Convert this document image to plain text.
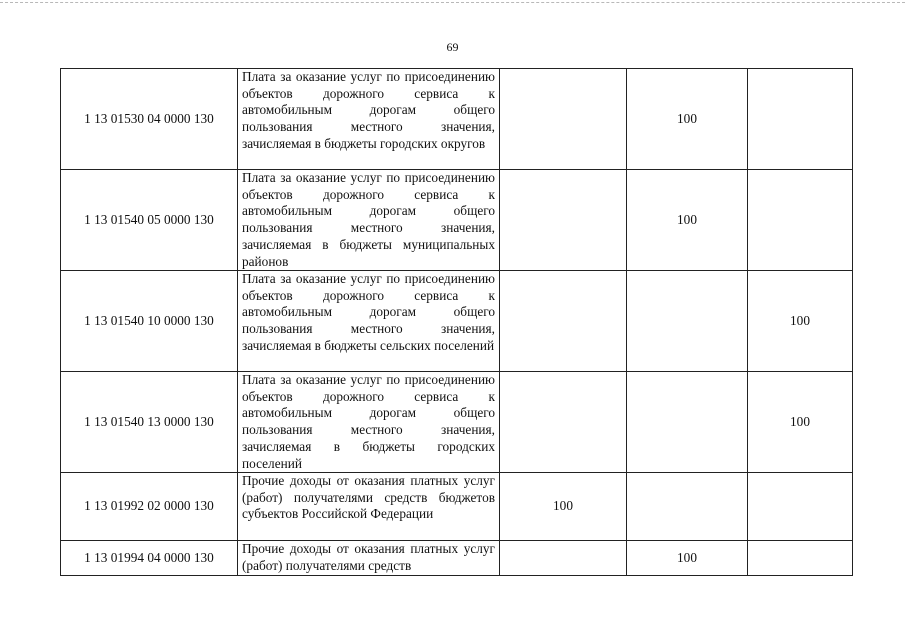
69
1 13 01530 04 0000 130	Плата за оказание услуг по присоединению объектов дорожного сервиса к автомобильным дорогам общего пользования местного значения, зачисляемая в бюджеты городских округов		100	
1 13 01540 05 0000 130	Плата за оказание услуг по присоединению объектов дорожного сервиса к автомобильным дорогам общего пользования местного значения, зачисляемая в бюджеты муниципальных районов		100	
1 13 01540 10 0000 130	Плата за оказание услуг по присоединению объектов дорожного сервиса к автомобильным дорогам общего пользования местного значения, зачисляемая в бюджеты сельских поселений			100
1 13 01540 13 0000 130	Плата за оказание услуг по присоединению объектов дорожного сервиса к автомобильным дорогам общего пользования местного значения, зачисляемая в бюджеты городских поселений			100
1 13 01992 02 0000 130	Прочие доходы от оказания платных услуг (работ) получателями средств бюджетов субъектов Российской Федерации	100		
1 13 01994 04 0000 130	Прочие доходы от оказания платных услуг (работ) получателями средств		100	
